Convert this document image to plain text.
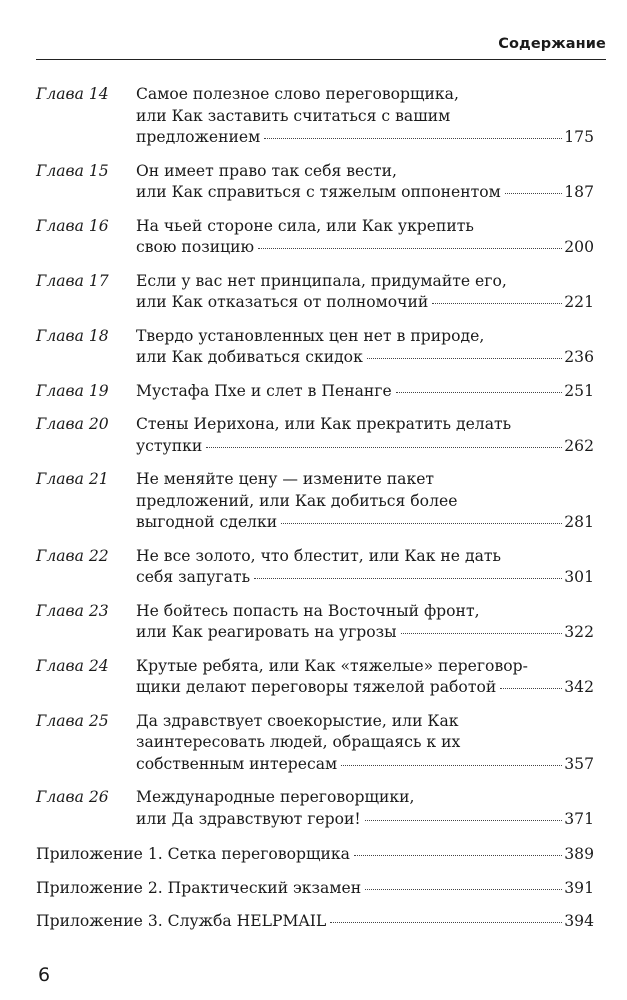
Содержание
Глава 14	Самое полезное слово переговорщика,
или Как заставить считаться с вашим
предложением	175
Глава 15	Он имеет право так себя вести,
или Как справиться с тяжелым оппонентом	187
Глава 16	На чьей стороне сила, или Как укрепить
свою позицию	200
Глава 17	Если у вас нет принципала, придумайте его,
или Как отказаться от полномочий	221
Глава 18	Твердо установленных цен нет в природе,
или Как добиваться скидок	236
Глава 19	Мустафа Пхе и слет в Пенанге	251
Глава 20	Стены Иерихона, или Как прекратить делать
уступки	262
Глава 21	Не меняйте цену — измените пакет
предложений, или Как добиться более
выгодной сделки	281
Глава 22	Не все золото, что блестит, или Как не дать
себя запугать	301
Глава 23	Не бойтесь попасть на Восточный фронт,
или Как реагировать на угрозы	322
Глава 24	Крутые ребята, или Как «тяжелые» переговор-
щики делают переговоры тяжелой работой	342
Глава 25	Да здравствует своекорыстие, или Как
заинтересовать людей, обращаясь к их
собственным интересам	357
Глава 26	Международные переговорщики,
или Да здравствуют герои!	371
Приложение 1. Сетка переговорщика	389
Приложение 2. Практический экзамен	391
Приложение 3. Служба HELPMAIL	394
6
